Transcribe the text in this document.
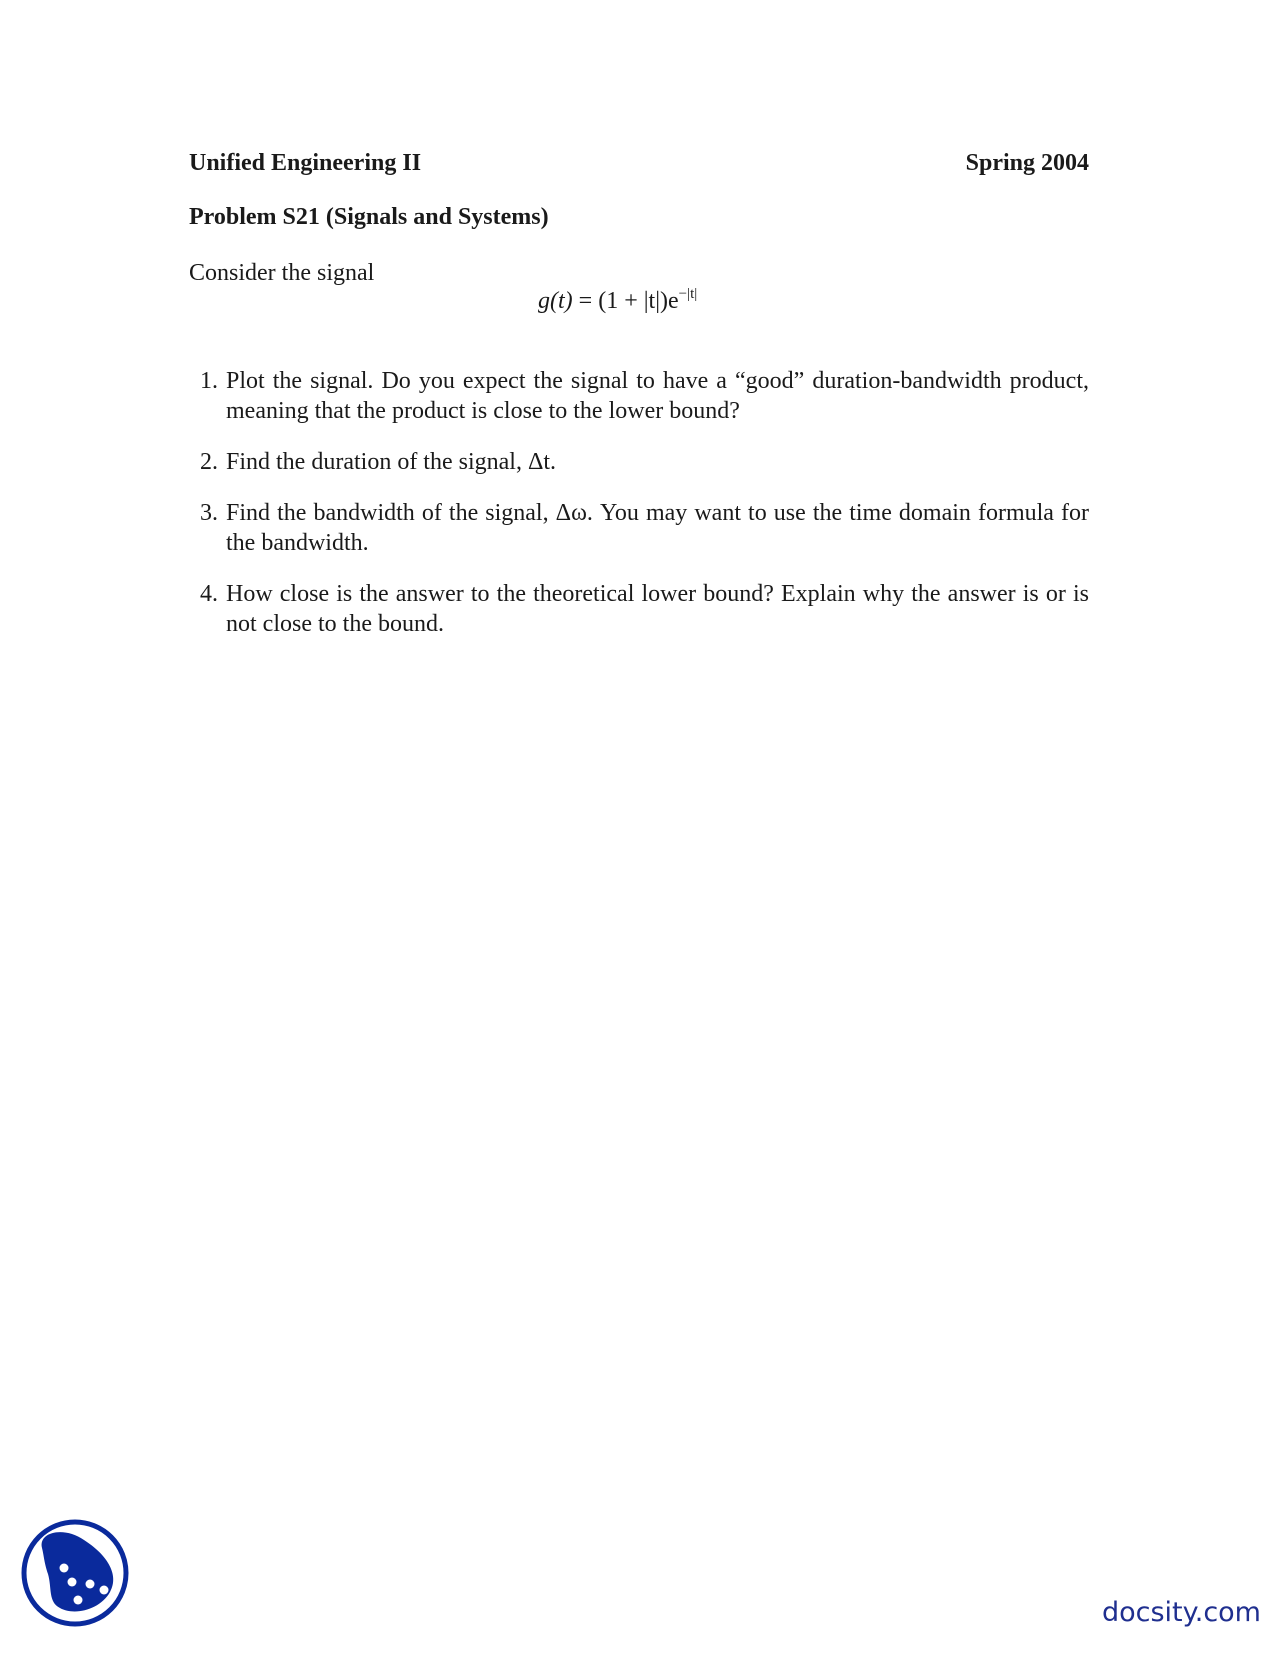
Unified Engineering II	Spring 2004
Problem S21 (Signals and Systems)
Consider the signal
$g(t) = (1 + |t|)e^{-|t|}$
1. Plot the signal. Do you expect the signal to have a “good” duration-bandwidth product, meaning that the product is close to the lower bound?
2. Find the duration of the signal, Δt.
3. Find the bandwidth of the signal, Δω. You may want to use the time domain formula for the bandwidth.
4. How close is the answer to the theoretical lower bound? Explain why the answer is or is not close to the bound.
docsity.com
